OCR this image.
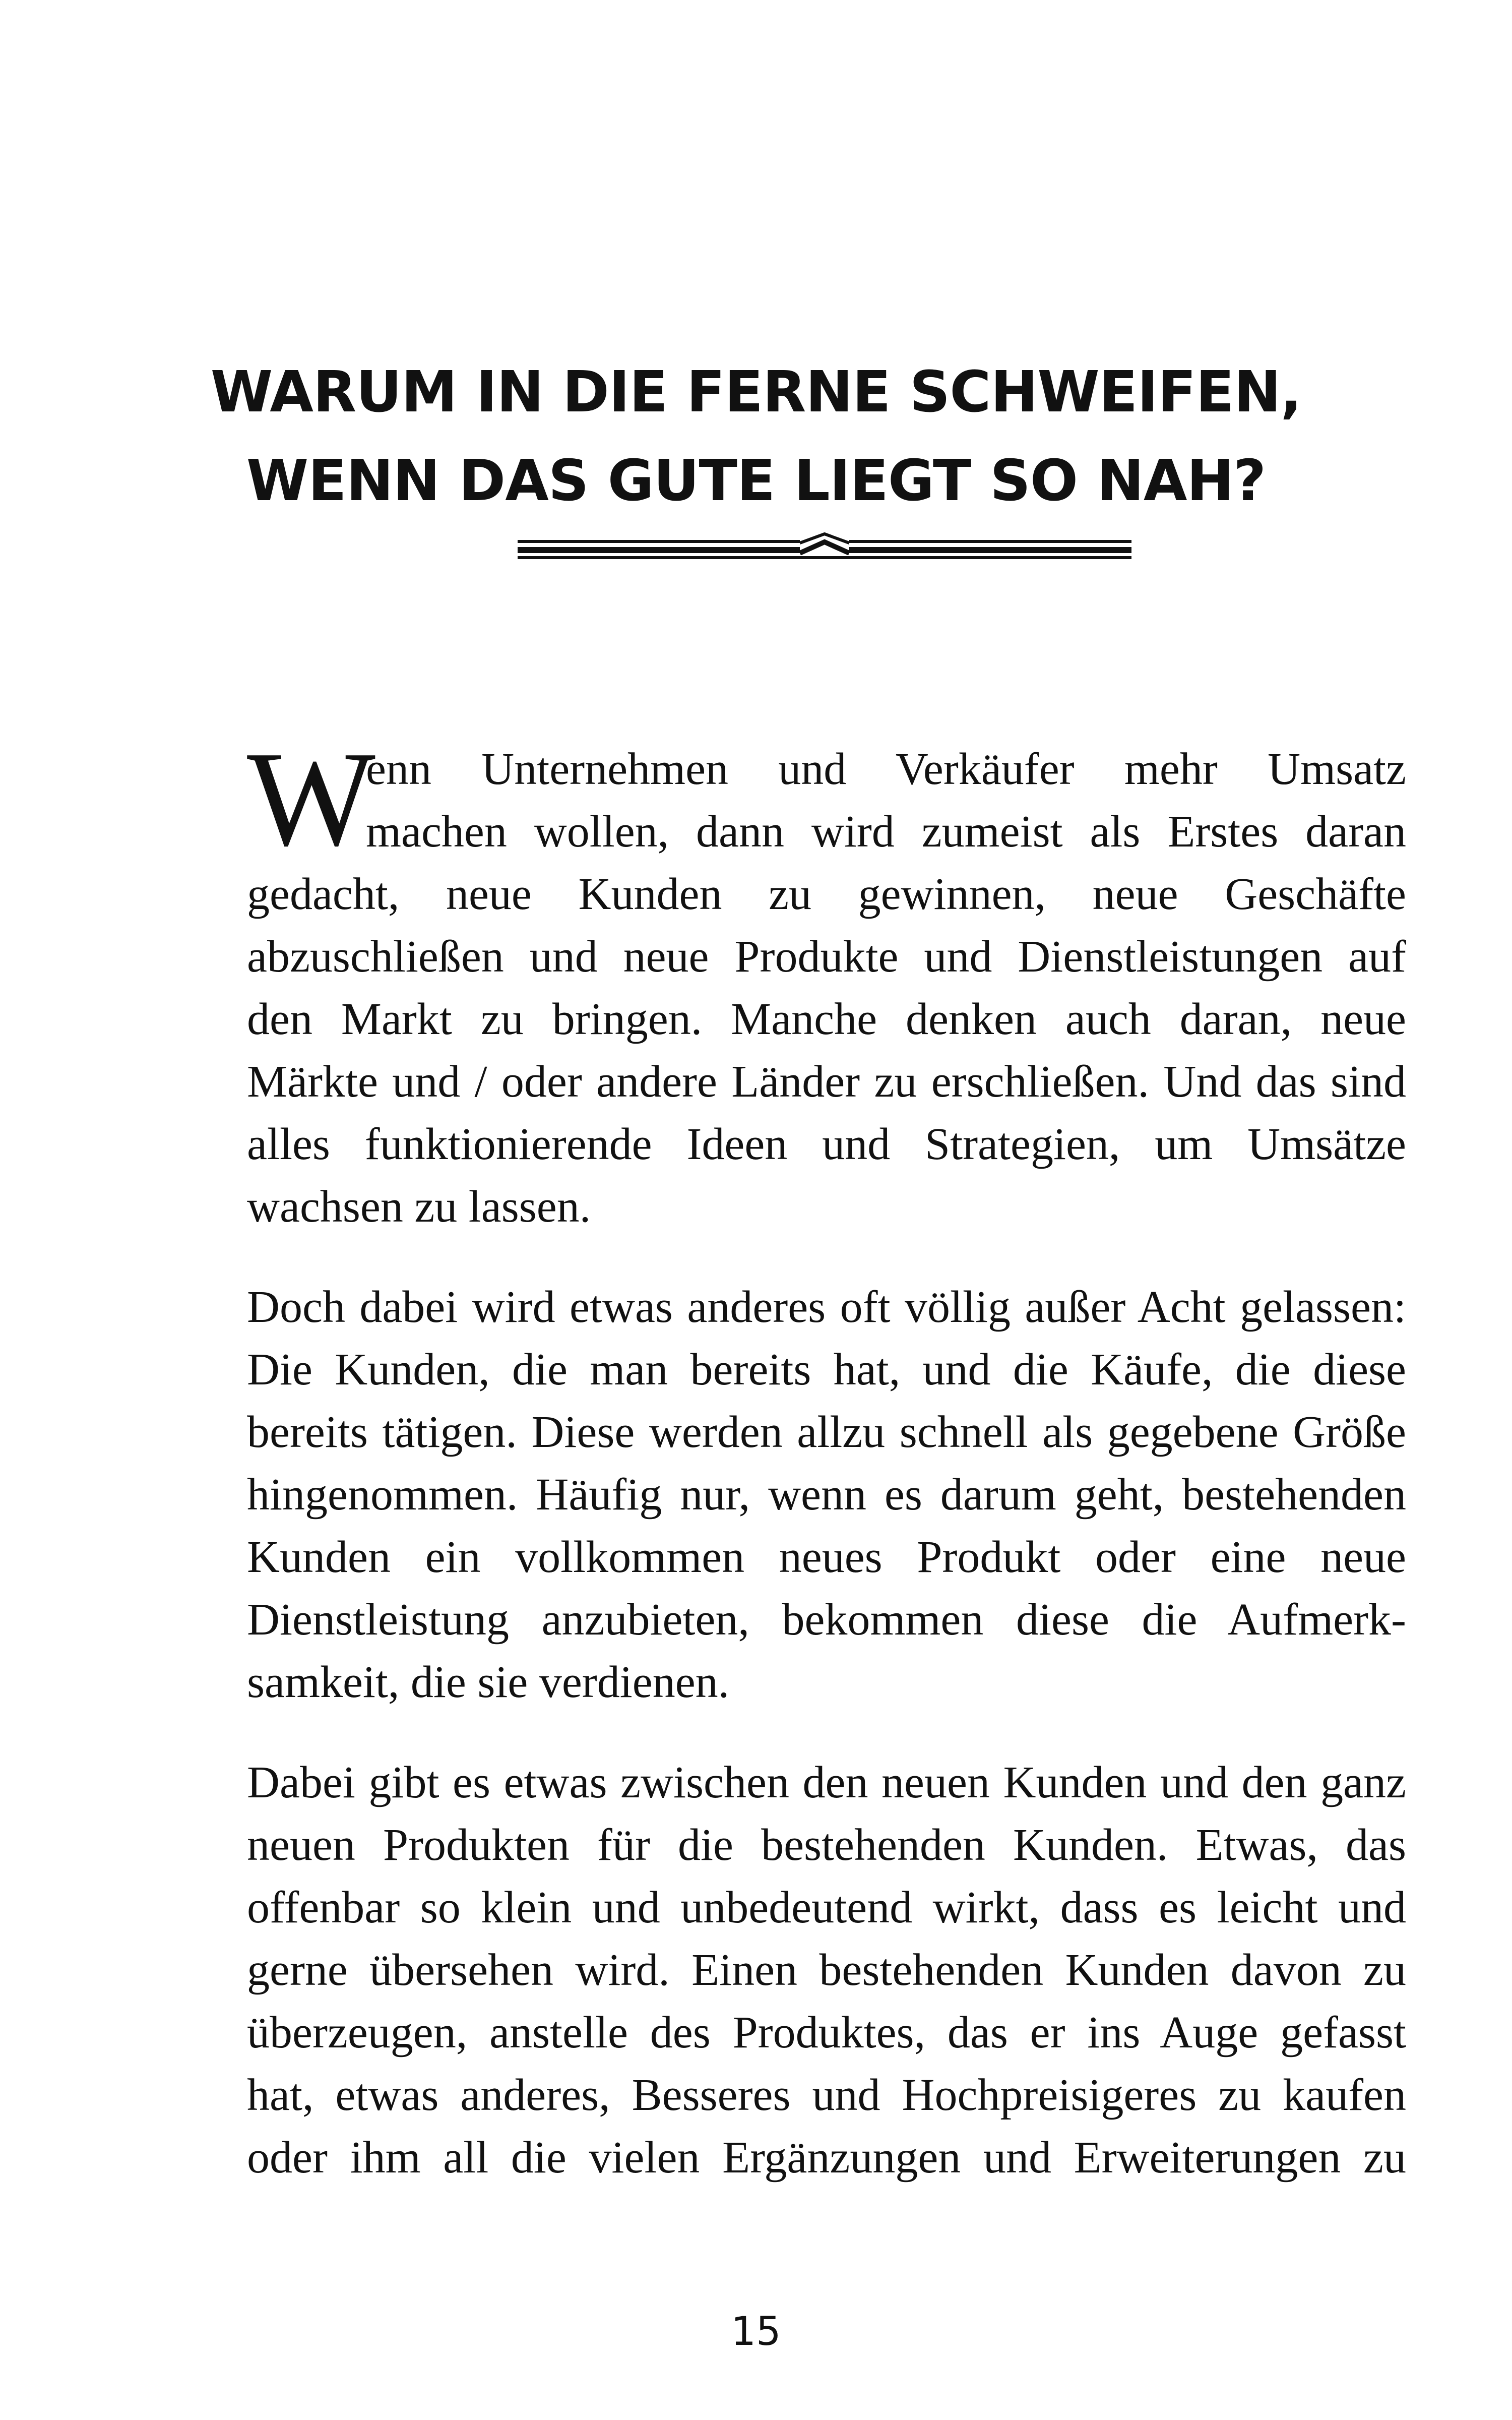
WARUM IN DIE FERNE SCHWEIFEN,
WENN DAS GUTE LIEGT SO NAH?
W
enn Unternehmen und Verkäufer mehr Umsatz
machen wollen, dann wird zumeist als Erstes daran
gedacht, neue Kunden zu gewinnen, neue Geschäfte
abzuschließen und neue Produkte und Dienstleistungen auf
den Markt zu bringen. Manche denken auch daran, neue
Märkte und / oder andere Länder zu erschließen. Und das sind
alles funktionierende Ideen und Strategien, um Umsätze
wachsen zu lassen.
Doch dabei wird etwas anderes oft völlig außer Acht gelassen:
Die Kunden, die man bereits hat, und die Käufe, die diese
bereits tätigen. Diese werden allzu schnell als gegebene Größe
hingenommen. Häufig nur, wenn es darum geht, bestehenden
Kunden ein vollkommen neues Produkt oder eine neue
Dienstleistung anzubieten, bekommen diese die Aufmerk-
samkeit, die sie verdienen.
Dabei gibt es etwas zwischen den neuen Kunden und den ganz
neuen Produkten für die bestehenden Kunden. Etwas, das
offenbar so klein und unbedeutend wirkt, dass es leicht und
gerne übersehen wird. Einen bestehenden Kunden davon zu
überzeugen, anstelle des Produktes, das er ins Auge gefasst
hat, etwas anderes, Besseres und Hochpreisigeres zu kaufen
oder ihm all die vielen Ergänzungen und Erweiterungen zu
15
